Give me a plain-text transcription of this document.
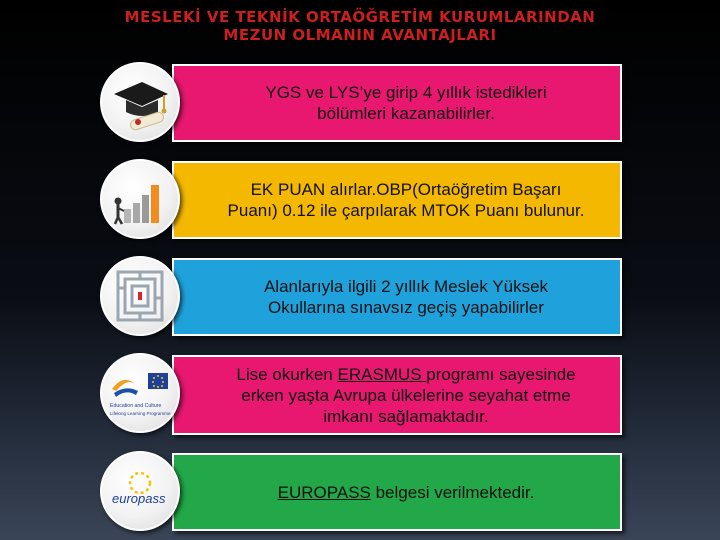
MESLEKİ VE TEKNİK ORTAÖĞRETİM KURUMLARINDAN
MEZUN OLMANIN AVANTAJLARI
YGS ve LYS’ye girip 4 yıllık istedikleri
bölümleri kazanabilirler.
EK PUAN alırlar.OBP(Ortaöğretim Başarı
Puanı) 0.12 ile çarpılarak MTOK Puanı bulunur.
Alanlarıyla ilgili 2 yıllık Meslek Yüksek
Okullarına sınavsız geçiş yapabilirler
Education and Culture
Lifelong Learning Programme
Lise okurken ERASMUS programı sayesinde
erken yaşta Avrupa ülkelerine seyahat etme
imkanı sağlamaktadır.
europass	EUROPASS belgesi verilmektedir.
